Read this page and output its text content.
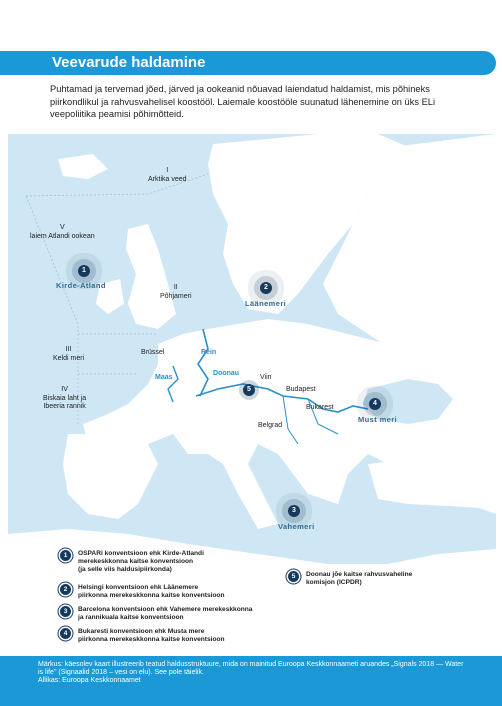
Veevarude haldamine
Puhtamad ja tervemad jõed, järved ja ookeanid nõuavad laiendatud haldamist, mis põhineks piirkondlikul ja rahvusvahelisel koostööl. Laiemale koostööle suunatud lähenemine on üks ELi veepoliitika peamisi põhimõtteid.
I
Arktika veed
V
laiem Atlandi ookean
II
Põhjameri
III
Keldi meri
IV
Biskaia laht ja
Ibeeria rannik
1
Kirde-Atland	2
Läänemeri
4
Must meri
3
Vahemeri
5
Rein
Maas
Doonau
Brüssel
Viin
Budapest
Bukarest
Belgrad
1	OSPARi konventsioon ehk Kirde-Atlandi
merekeskkonna kaitse konventsioon
(ja selle viis haldusipiirkonda)
2	Helsingi konventsioon ehk Läänemere
piirkonna merekeskkonna kaitse konventsioon
3	Barcelona konventsioon ehk Vahemere merekeskkonna
ja rannikuala kaitse konventsioon
4	Bukaresti konventsioon ehk Musta mere
piirkonna merekeskkonna kaitse konventsioon
5	Doonau jõe kaitse rahvusvaheline
komisjon (ICPDR)
Märkus: käesolev kaart illustreerib teatud haldusstruktuure, mida on mainitud Euroopa Keskkonnaameti aruandes „Signals 2018 — Water
is life" (Signaalid 2018 – vesi on elu). See pole täielik.
Allikas: Euroopa Keskkonnaamet
